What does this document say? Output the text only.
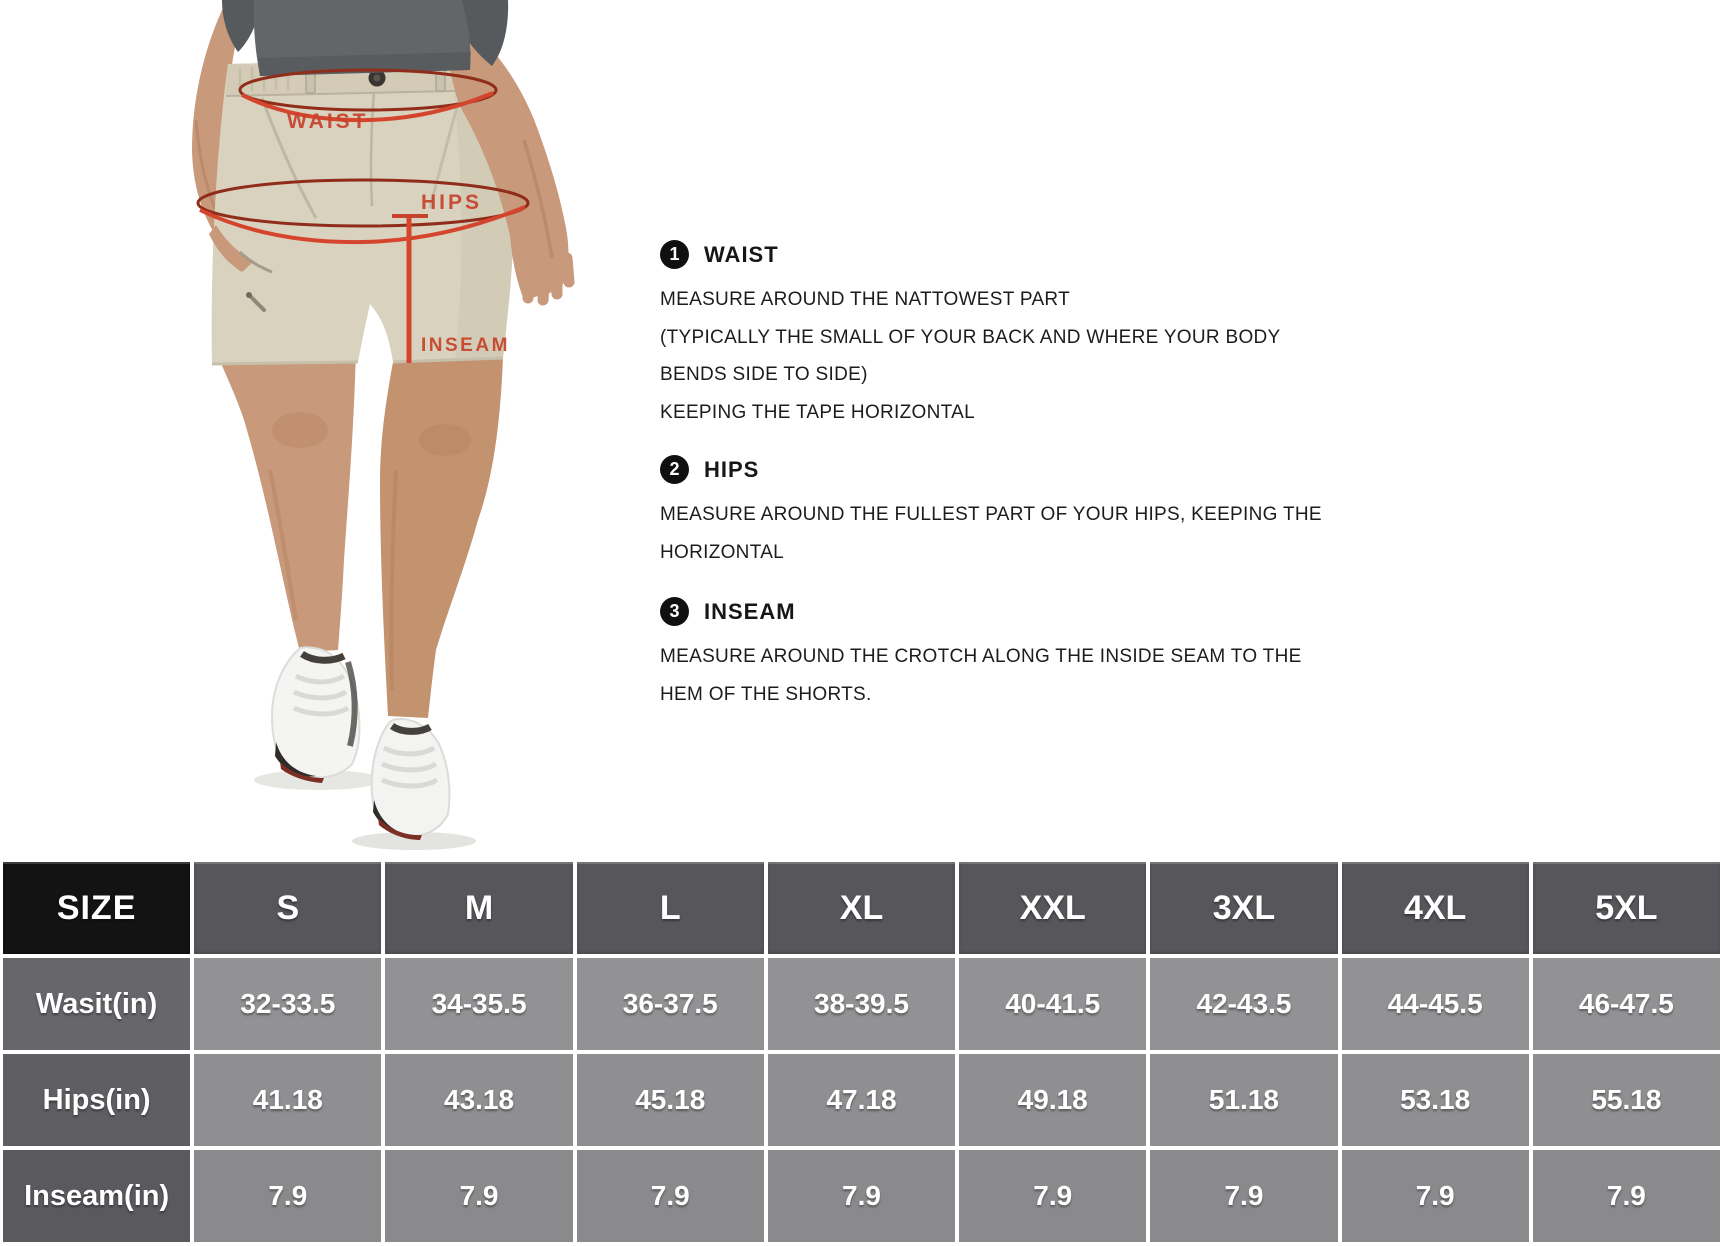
WAIST
HIPS
INSEAM
1	WAIST

MEASURE AROUND THE NATTOWEST PART

(TYPICALLY THE SMALL OF YOUR BACK AND WHERE YOUR BODY

BENDS SIDE TO SIDE)

KEEPING THE TAPE HORIZONTAL

2	HIPS

MEASURE AROUND THE FULLEST PART OF YOUR HIPS, KEEPING THE

HORIZONTAL

3	INSEAM

MEASURE AROUND THE CROTCH ALONG THE INSIDE SEAM TO THE

HEM OF THE SHORTS.

SIZE	S	M	L	XL	XXL	3XL	4XL	5XL
Wasit(in)	32-33.5	34-35.5	36-37.5	38-39.5	40-41.5	42-43.5	44-45.5	46-47.5
Hips(in)	41.18	43.18	45.18	47.18	49.18	51.18	53.18	55.18
Inseam(in)	7.9	7.9	7.9	7.9	7.9	7.9	7.9	7.9
